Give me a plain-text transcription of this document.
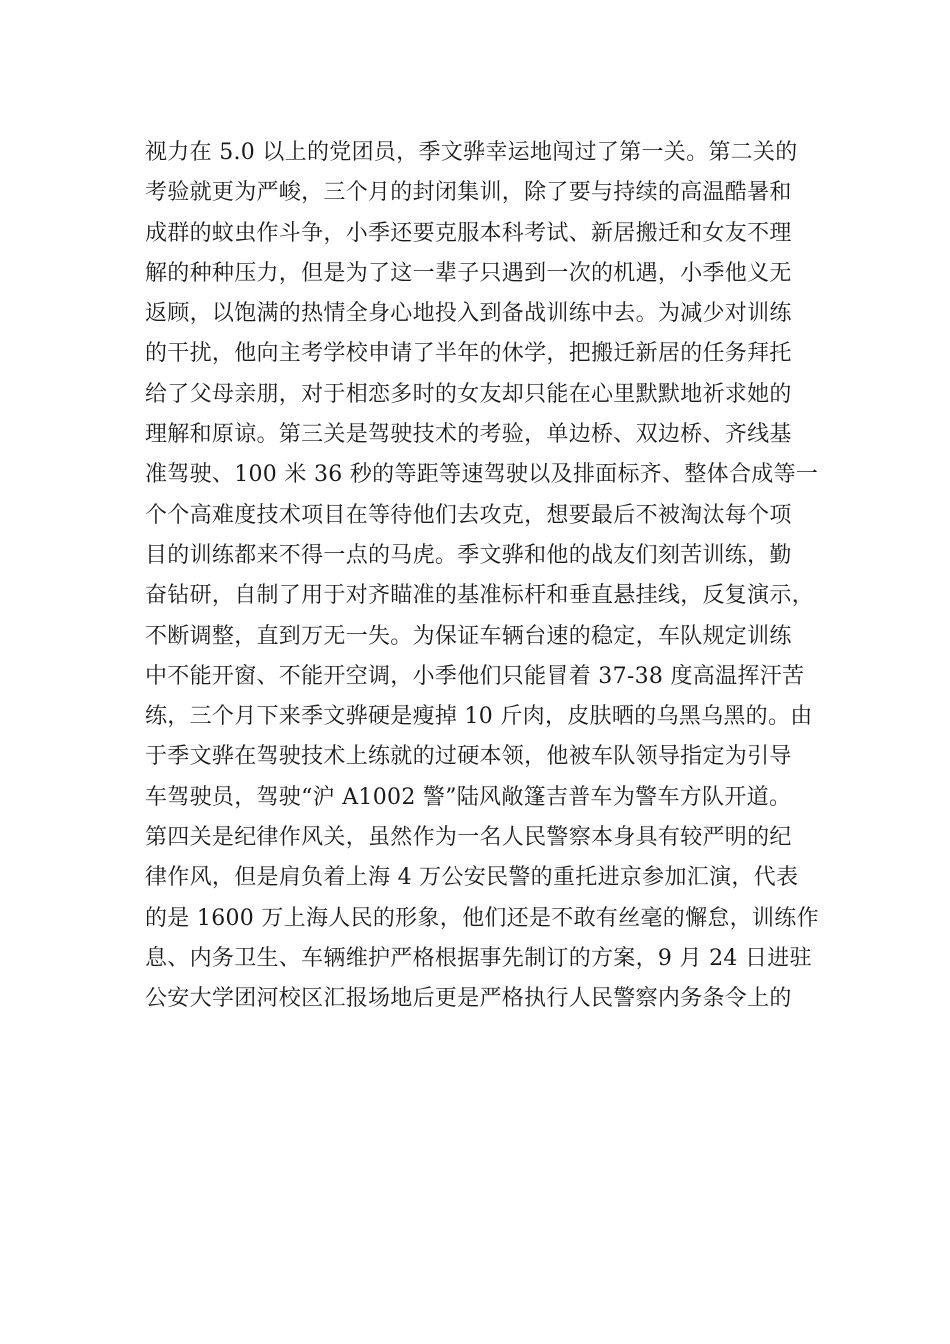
视力在 5.0 以上的党团员，季文骅幸运地闯过了第一关。第二关的
考验就更为严峻，三个月的封闭集训，除了要与持续的高温酷暑和
成群的蚊虫作斗争，小季还要克服本科考试、新居搬迁和女友不理
解的种种压力，但是为了这一辈子只遇到一次的机遇，小季他义无
返顾，以饱满的热情全身心地投入到备战训练中去。为减少对训练
的干扰，他向主考学校申请了半年的休学，把搬迁新居的任务拜托
给了父母亲朋，对于相恋多时的女友却只能在心里默默地祈求她的
理解和原谅。第三关是驾驶技术的考验，单边桥、双边桥、齐线基
准驾驶、100 米 36 秒的等距等速驾驶以及排面标齐、整体合成等一
个个高难度技术项目在等待他们去攻克，想要最后不被淘汰每个项
目的训练都来不得一点的马虎。季文骅和他的战友们刻苦训练，勤
奋钻研，自制了用于对齐瞄准的基准标杆和垂直悬挂线，反复演示，
不断调整，直到万无一失。为保证车辆台速的稳定，车队规定训练
中不能开窗、不能开空调，小季他们只能冒着 37-38 度高温挥汗苦
练，三个月下来季文骅硬是瘦掉 10 斤肉，皮肤晒的乌黑乌黑的。由
于季文骅在驾驶技术上练就的过硬本领，他被车队领导指定为引导
车驾驶员，驾驶“沪 A1002 警”陆风敞篷吉普车为警车方队开道。
第四关是纪律作风关，虽然作为一名人民警察本身具有较严明的纪
律作风，但是肩负着上海 4 万公安民警的重托进京参加汇演，代表
的是 1600 万上海人民的形象，他们还是不敢有丝毫的懈怠，训练作
息、内务卫生、车辆维护严格根据事先制订的方案，9 月 24 日进驻
公安大学团河校区汇报场地后更是严格执行人民警察内务条令上的
